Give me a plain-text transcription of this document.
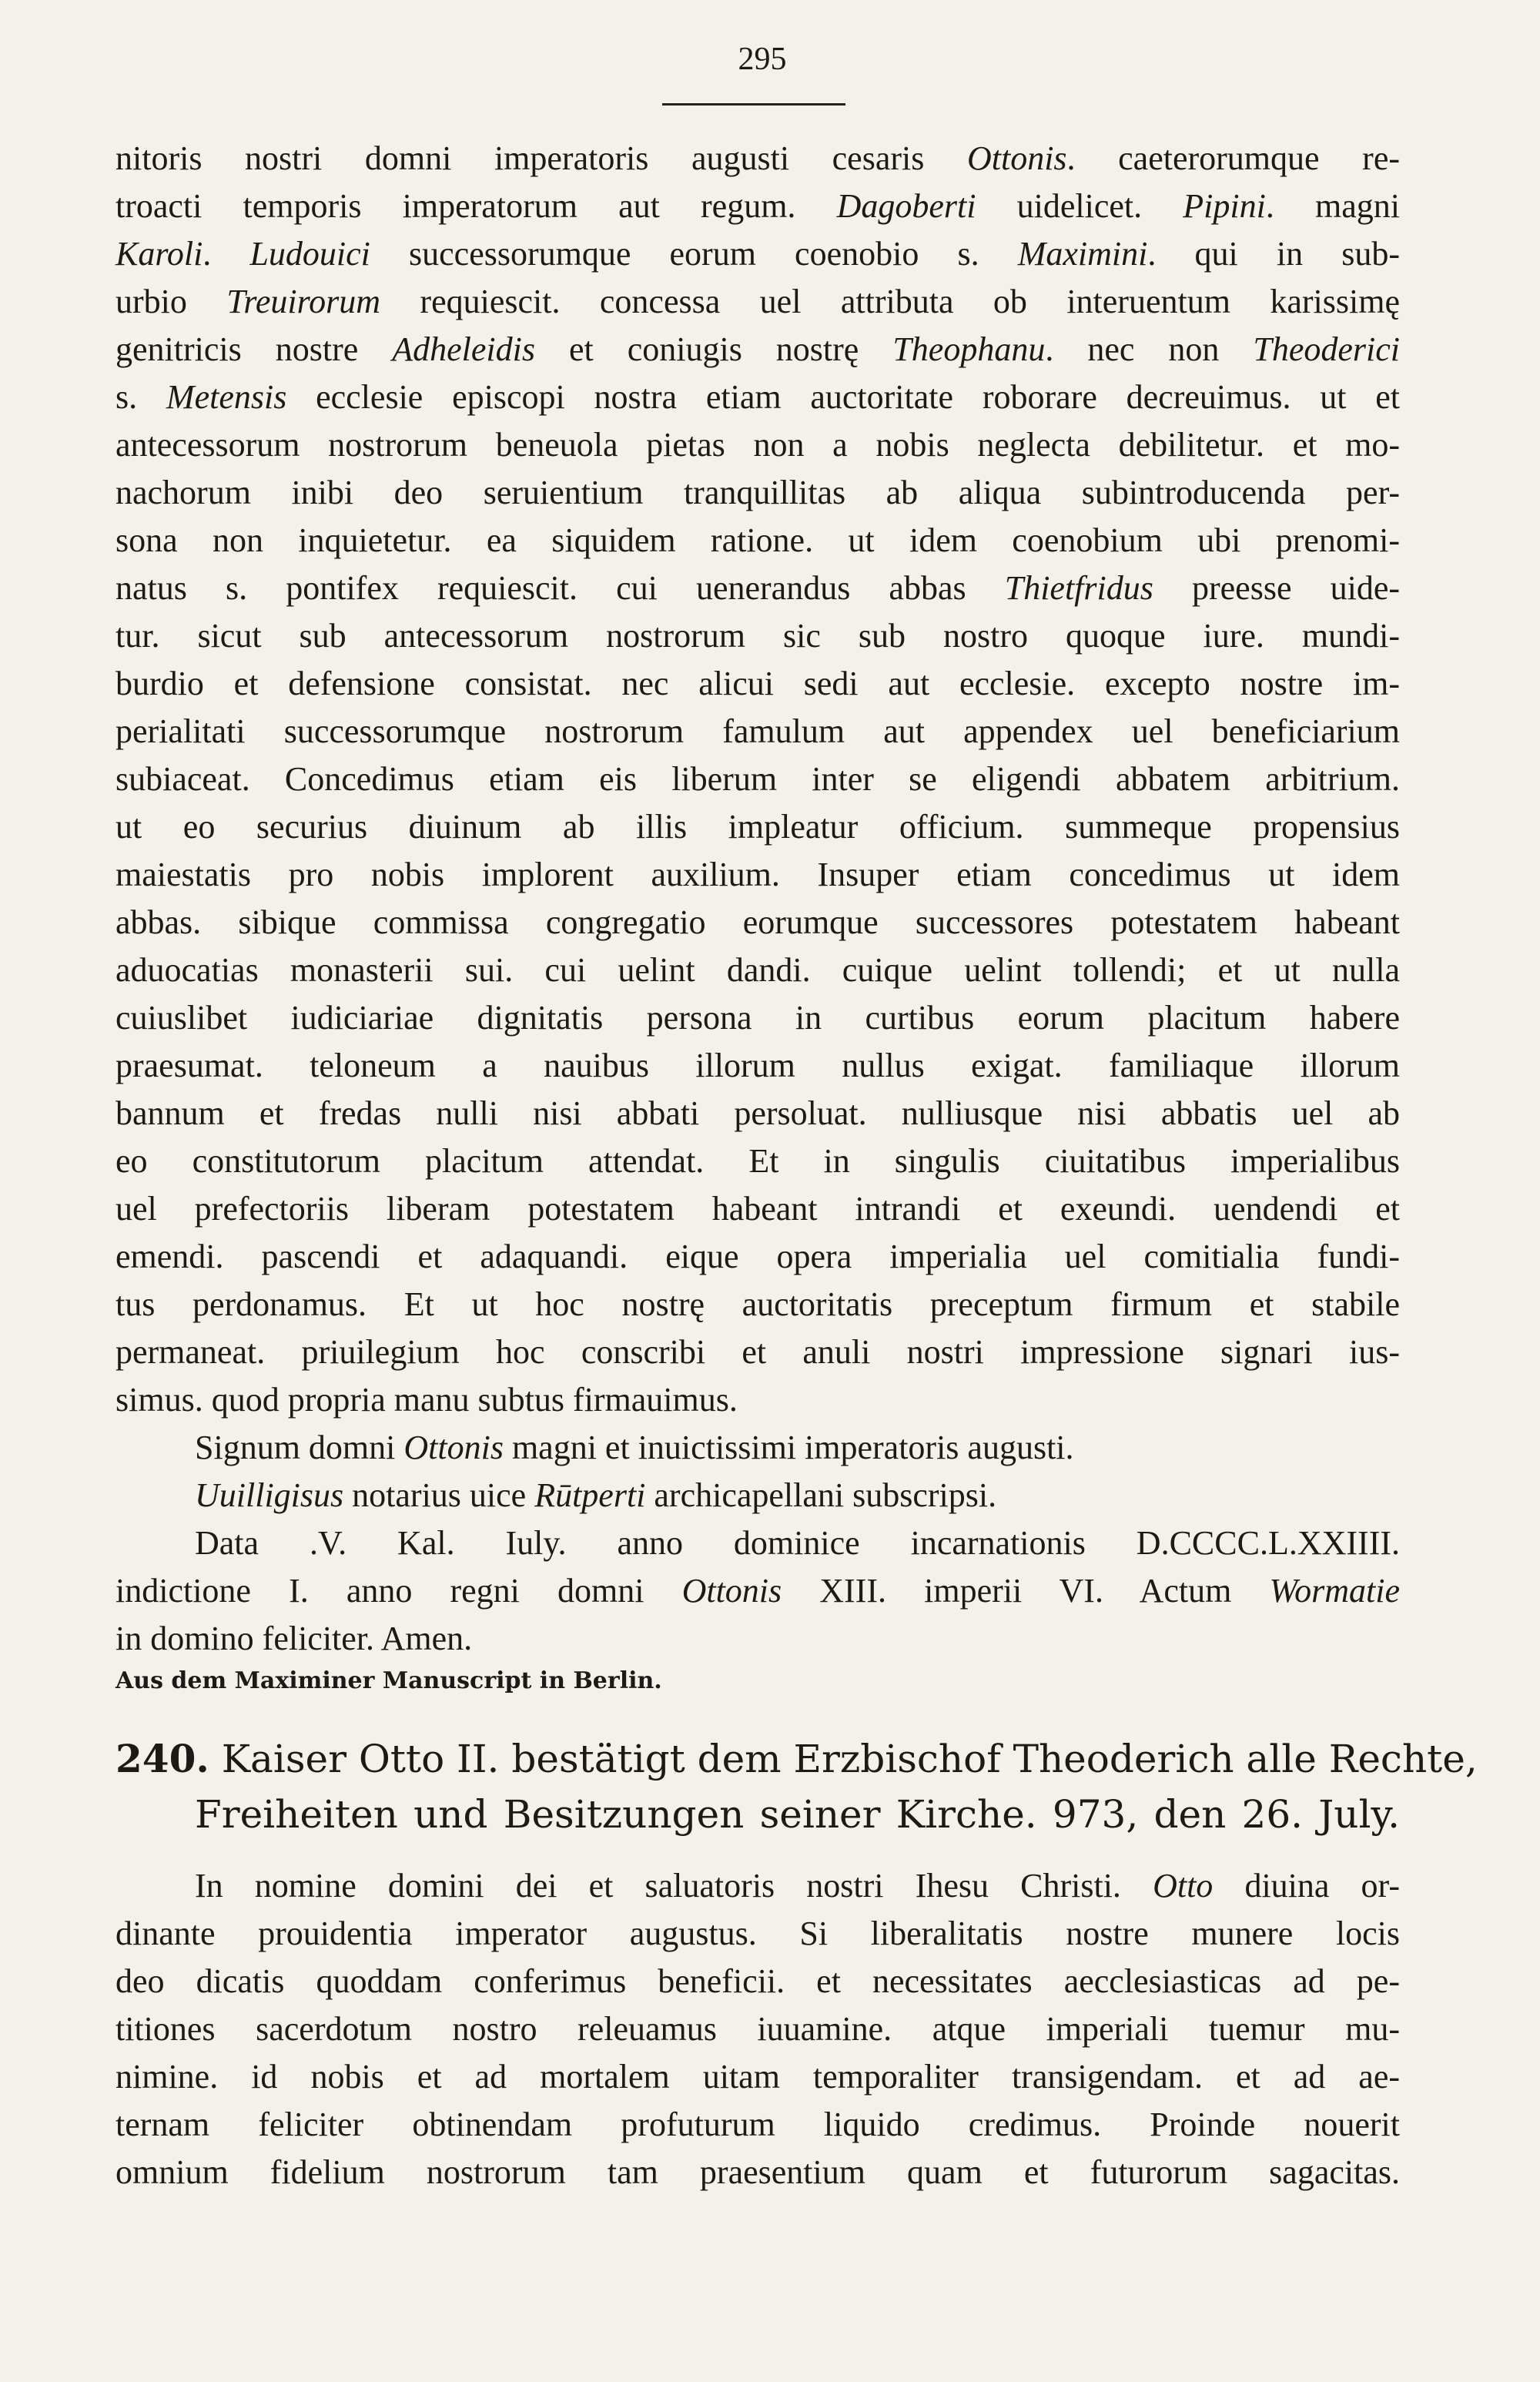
295
nitoris nostri domni imperatoris augusti cesaris Ottonis. caeterorumque re-
troacti temporis imperatorum aut regum. Dagoberti uidelicet. Pipini. magni
Karoli. Ludouici successorumque eorum coenobio s. Maximini. qui in sub-
urbio Treuirorum requiescit. concessa uel attributa ob interuentum karissimę
genitricis nostre Adheleidis et coniugis nostrę Theophanu. nec non Theoderici
s. Metensis ecclesie episcopi nostra etiam auctoritate roborare decreuimus. ut et
antecessorum nostrorum beneuola pietas non a nobis neglecta debilitetur. et mo-
nachorum inibi deo seruientium tranquillitas ab aliqua subintroducenda per-
sona non inquietetur. ea siquidem ratione. ut idem coenobium ubi prenomi-
natus s. pontifex requiescit. cui uenerandus abbas Thietfridus preesse uide-
tur. sicut sub antecessorum nostrorum sic sub nostro quoque iure. mundi-
burdio et defensione consistat. nec alicui sedi aut ecclesie. excepto nostre im-
perialitati successorumque nostrorum famulum aut appendex uel beneficiarium
subiaceat. Concedimus etiam eis liberum inter se eligendi abbatem arbitrium.
ut eo securius diuinum ab illis impleatur officium. summeque propensius
maiestatis pro nobis implorent auxilium. Insuper etiam concedimus ut idem
abbas. sibique commissa congregatio eorumque successores potestatem habeant
aduocatias monasterii sui. cui uelint dandi. cuique uelint tollendi; et ut nulla
cuiuslibet iudiciariae dignitatis persona in curtibus eorum placitum habere
praesumat. teloneum a nauibus illorum nullus exigat. familiaque illorum
bannum et fredas nulli nisi abbati persoluat. nulliusque nisi abbatis uel ab
eo constitutorum placitum attendat. Et in singulis ciuitatibus imperialibus
uel prefectoriis liberam potestatem habeant intrandi et exeundi. uendendi et
emendi. pascendi et adaquandi. eique opera imperialia uel comitialia fundi-
tus perdonamus. Et ut hoc nostrę auctoritatis preceptum firmum et stabile
permaneat. priuilegium hoc conscribi et anuli nostri impressione signari ius-
simus. quod propria manu subtus firmauimus.
Signum domni Ottonis magni et inuictissimi imperatoris augusti.
Uuilligisus notarius uice Rūtperti archicapellani subscripsi.
Data .V. Kal. Iuly. anno dominice incarnationis D.CCCC.L.XXIIII.
indictione I. anno regni domni Ottonis XIII. imperii VI. Actum Wormatie
in domino feliciter. Amen.
Aus dem Maximiner Manuscript in Berlin.
240. Kaiser Otto II. bestätigt dem Erzbischof Theoderich alle Rechte,
Freiheiten und Besitzungen seiner Kirche. 973, den 26. July.
In nomine domini dei et saluatoris nostri Ihesu Christi. Otto diuina or-
dinante prouidentia imperator augustus. Si liberalitatis nostre munere locis
deo dicatis quoddam conferimus beneficii. et necessitates aecclesiasticas ad pe-
titiones sacerdotum nostro releuamus iuuamine. atque imperiali tuemur mu-
nimine. id nobis et ad mortalem uitam temporaliter transigendam. et ad ae-
ternam feliciter obtinendam profuturum liquido credimus. Proinde nouerit
omnium fidelium nostrorum tam praesentium quam et futurorum sagacitas.
